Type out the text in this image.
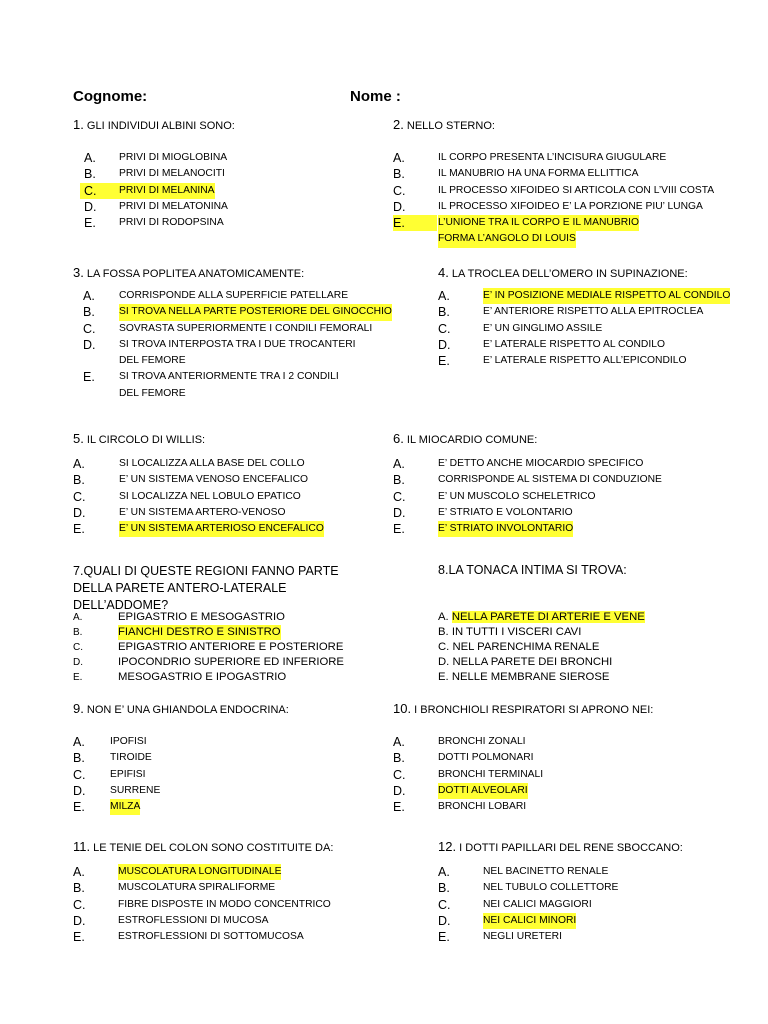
Cognome:	Nome :
1. GLI INDIVIDUI ALBINI SONO:
A. PRIVI DI MIOGLOBINA
B. PRIVI DI MELANOCITI
C.	PRIVI DI MELANINA
D. PRIVI DI MELATONINA
E. PRIVI DI RODOPSINA
2. NELLO STERNO:
A.	IL CORPO PRESENTA L’INCISURA GIUGULARE
B.	IL MANUBRIO HA UNA FORMA ELLITTICA
C.	IL PROCESSO XIFOIDEO SI ARTICOLA CON L’VIII COSTA
D.	IL PROCESSO XIFOIDEO E’ LA PORZIONE PIU’ LUNGA
E.	L’UNIONE TRA IL CORPO E IL MANUBRIO
FORMA L’ANGOLO DI LOUIS
3. LA FOSSA POPLITEA ANATOMICAMENTE:
A. CORRISPONDE ALLA SUPERFICIE PATELLARE
B. SI TROVA NELLA PARTE POSTERIORE DEL GINOCCHIO
C. SOVRASTA SUPERIORMENTE I CONDILI FEMORALI
D. SI TROVA INTERPOSTA TRA I DUE TROCANTERI
DEL FEMORE
E. SI TROVA ANTERIORMENTE TRA I 2 CONDILI
DEL FEMORE
4. LA TROCLEA DELL’OMERO IN SUPINAZIONE:
A.	E’ IN POSIZIONE MEDIALE RISPETTO AL CONDILO
B.	E’ ANTERIORE RISPETTO ALLA EPITROCLEA
C.	E’ UN GINGLIMO ASSILE
D.	E’ LATERALE RISPETTO AL CONDILO
E.	E’ LATERALE RISPETTO ALL’EPICONDILO
5. IL CIRCOLO DI WILLIS:
A.	SI LOCALIZZA ALLA BASE DEL COLLO
B.	E’ UN SISTEMA VENOSO ENCEFALICO
C.	SI LOCALIZZA NEL LOBULO EPATICO
D.	E’ UN SISTEMA ARTERO-VENOSO
E.	E’ UN SISTEMA ARTERIOSO ENCEFALICO
6. IL MIOCARDIO COMUNE:
A.	E’ DETTO ANCHE MIOCARDIO SPECIFICO
B.	CORRISPONDE AL SISTEMA DI CONDUZIONE
C.	E’ UN MUSCOLO SCHELETRICO
D.	E’ STRIATO E VOLONTARIO
E.	E’ STRIATO INVOLONTARIO
7.QUALI DI QUESTE REGIONI FANNO PARTE DELLA PARETE ANTERO-LATERALE DELL’ADDOME?
A.	EPIGASTRIO E MESOGASTRIO
B.	FIANCHI DESTRO E SINISTRO
C.	EPIGASTRIO ANTERIORE E POSTERIORE
D.	IPOCONDRIO SUPERIORE ED INFERIORE
E.	MESOGASTRIO E IPOGASTRIO
8.LA TONACA INTIMA SI TROVA:
A. NELLA PARETE DI ARTERIE E VENE
B. IN TUTTI I VISCERI CAVI
C. NEL PARENCHIMA RENALE
D. NELLA PARETE DEI BRONCHI
E. NELLE MEMBRANE SIEROSE
9. NON E’ UNA GHIANDOLA ENDOCRINA:
A. IPOFISI
B. TIROIDE
C. EPIFISI
D. SURRENE
E. MILZA
10. I BRONCHIOLI RESPIRATORI SI APRONO NEI:
A.	BRONCHI ZONALI
B.	DOTTI POLMONARI
C.	BRONCHI TERMINALI
D.	DOTTI ALVEOLARI
E.	BRONCHI LOBARI
11. LE TENIE DEL COLON SONO COSTITUITE DA:
A.	MUSCOLATURA LONGITUDINALE
B.	MUSCOLATURA SPIRALIFORME
C.	FIBRE DISPOSTE IN MODO CONCENTRICO
D.	ESTROFLESSIONI DI MUCOSA
E.	ESTROFLESSIONI DI SOTTOMUCOSA
12. I DOTTI PAPILLARI DEL RENE SBOCCANO:
A.	NEL BACINETTO RENALE
B.	NEL TUBULO COLLETTORE
C.	NEI CALICI MAGGIORI
D.	NEI CALICI MINORI
E.	NEGLI URETERI
